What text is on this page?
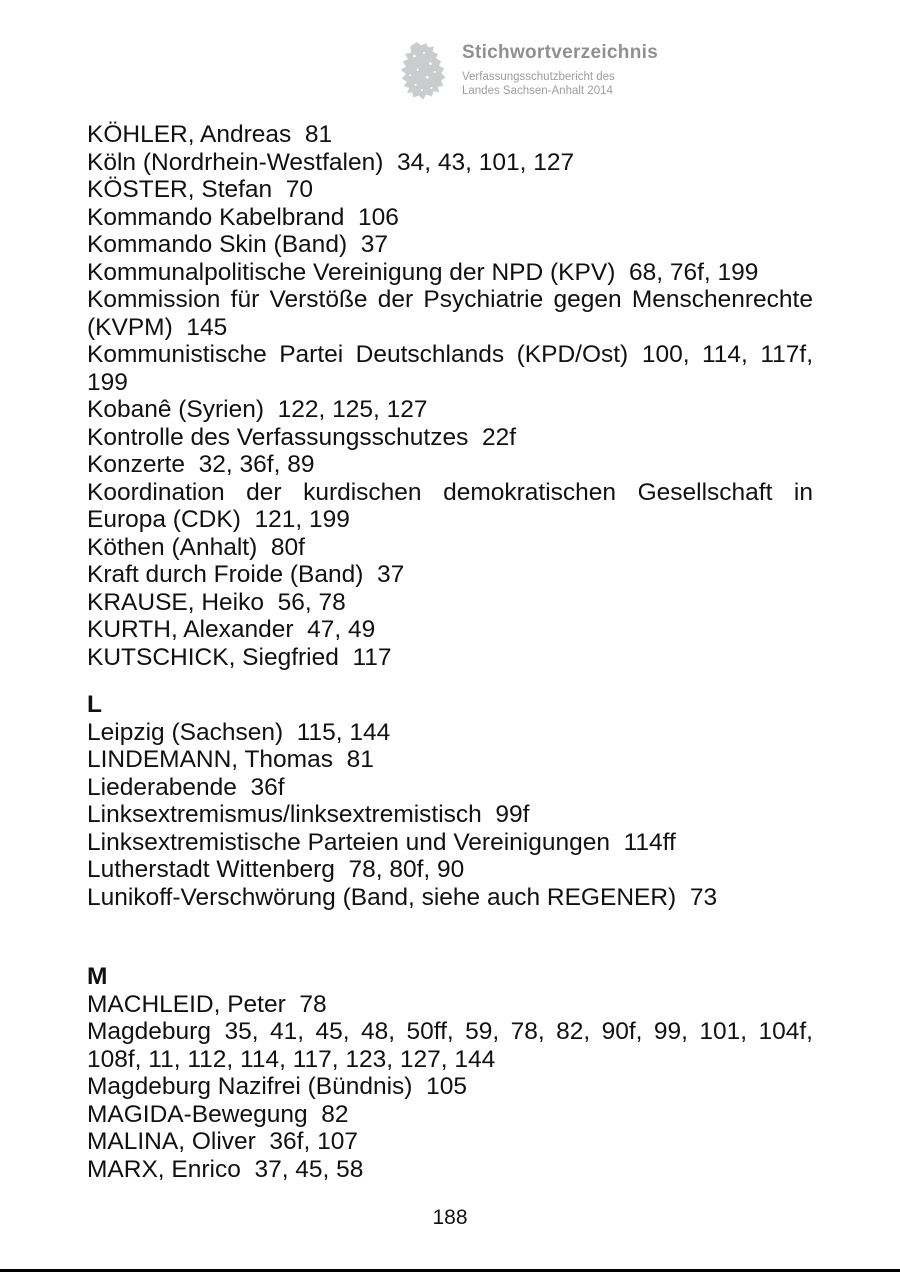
Stichwortverzeichnis
Verfassungsschutzbericht des
Landes Sachsen-Anhalt 2014

KÖHLER, Andreas 81

Köln (Nordrhein-Westfalen) 34, 43, 101, 127

KÖSTER, Stefan 70

Kommando Kabelbrand 106

Kommando Skin (Band) 37

Kommunalpolitische Vereinigung der NPD (KPV) 68, 76f, 199

Kommission für Verstöße der Psychiatrie gegen Menschenrechte (KVPM) 145

Kommunistische Partei Deutschlands (KPD/Ost) 100, 114, 117f, 199

Kobanê (Syrien) 122, 125, 127

Kontrolle des Verfassungsschutzes 22f

Konzerte 32, 36f, 89

Koordination der kurdischen demokratischen Gesellschaft in Europa (CDK) 121, 199

Köthen (Anhalt) 80f

Kraft durch Froide (Band) 37

KRAUSE, Heiko 56, 78

KURTH, Alexander 47, 49

KUTSCHICK, Siegfried 117

L

Leipzig (Sachsen) 115, 144

LINDEMANN, Thomas 81

Liederabende 36f

Linksextremismus/linksextremistisch 99f

Linksextremistische Parteien und Vereinigungen 114ff

Lutherstadt Wittenberg 78, 80f, 90

Lunikoff-Verschwörung (Band, siehe auch REGENER) 73

M

MACHLEID, Peter 78

Magdeburg 35, 41, 45, 48, 50ff, 59, 78, 82, 90f, 99, 101, 104f, 108f, 11, 112, 114, 117, 123, 127, 144

Magdeburg Nazifrei (Bündnis) 105

MAGIDA-Bewegung 82

MALINA, Oliver 36f, 107

MARX, Enrico 37, 45, 58

188
